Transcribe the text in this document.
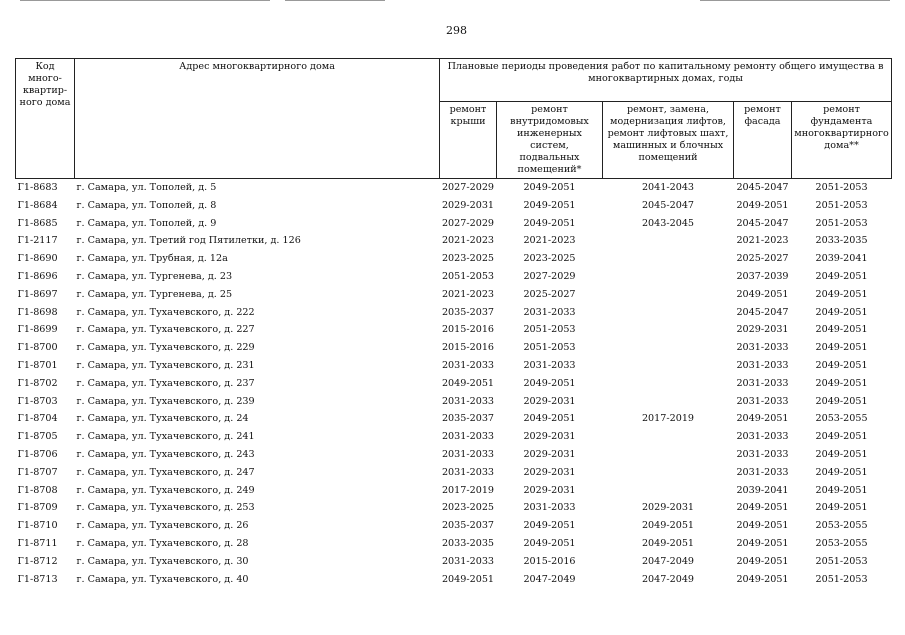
298
Код много-квартир-ного дома	Адрес многоквартирного дома	Плановые периоды проведения работ по капитальному ремонту общего имущества в многоквартирных домах, годы				
		ремонт крыши	ремонт внутридомовых инженерных систем, подвальных помещений*	ремонт, замена, модернизация лифтов, ремонт лифтовых шахт, машинных и блочных помещений	ремонт фасада	ремонт фундамента многоквартирного дома**
Г1-8683	г. Самара, ул. Тополей, д. 5	2027-2029	2049-2051	2041-2043	2045-2047	2051-2053
Г1-8684	г. Самара, ул. Тополей, д. 8	2029-2031	2049-2051	2045-2047	2049-2051	2051-2053
Г1-8685	г. Самара, ул. Тополей, д. 9	2027-2029	2049-2051	2043-2045	2045-2047	2051-2053
Г1-2117	г. Самара, ул. Третий год Пятилетки, д. 126	2021-2023	2021-2023		2021-2023	2033-2035
Г1-8690	г. Самара, ул. Трубная, д. 12а	2023-2025	2023-2025		2025-2027	2039-2041
Г1-8696	г. Самара, ул. Тургенева, д. 23	2051-2053	2027-2029		2037-2039	2049-2051
Г1-8697	г. Самара, ул. Тургенева, д. 25	2021-2023	2025-2027		2049-2051	2049-2051
Г1-8698	г. Самара, ул. Тухачевского, д. 222	2035-2037	2031-2033		2045-2047	2049-2051
Г1-8699	г. Самара, ул. Тухачевского, д. 227	2015-2016	2051-2053		2029-2031	2049-2051
Г1-8700	г. Самара, ул. Тухачевского, д. 229	2015-2016	2051-2053		2031-2033	2049-2051
Г1-8701	г. Самара, ул. Тухачевского, д. 231	2031-2033	2031-2033		2031-2033	2049-2051
Г1-8702	г. Самара, ул. Тухачевского, д. 237	2049-2051	2049-2051		2031-2033	2049-2051
Г1-8703	г. Самара, ул. Тухачевского, д. 239	2031-2033	2029-2031		2031-2033	2049-2051
Г1-8704	г. Самара, ул. Тухачевского, д. 24	2035-2037	2049-2051	2017-2019	2049-2051	2053-2055
Г1-8705	г. Самара, ул. Тухачевского, д. 241	2031-2033	2029-2031		2031-2033	2049-2051
Г1-8706	г. Самара, ул. Тухачевского, д. 243	2031-2033	2029-2031		2031-2033	2049-2051
Г1-8707	г. Самара, ул. Тухачевского, д. 247	2031-2033	2029-2031		2031-2033	2049-2051
Г1-8708	г. Самара, ул. Тухачевского, д. 249	2017-2019	2029-2031		2039-2041	2049-2051
Г1-8709	г. Самара, ул. Тухачевского, д. 253	2023-2025	2031-2033	2029-2031	2049-2051	2049-2051
Г1-8710	г. Самара, ул. Тухачевского, д. 26	2035-2037	2049-2051	2049-2051	2049-2051	2053-2055
Г1-8711	г. Самара, ул. Тухачевского, д. 28	2033-2035	2049-2051	2049-2051	2049-2051	2053-2055
Г1-8712	г. Самара, ул. Тухачевского, д. 30	2031-2033	2015-2016	2047-2049	2049-2051	2051-2053
Г1-8713	г. Самара, ул. Тухачевского, д. 40	2049-2051	2047-2049	2047-2049	2049-2051	2051-2053
